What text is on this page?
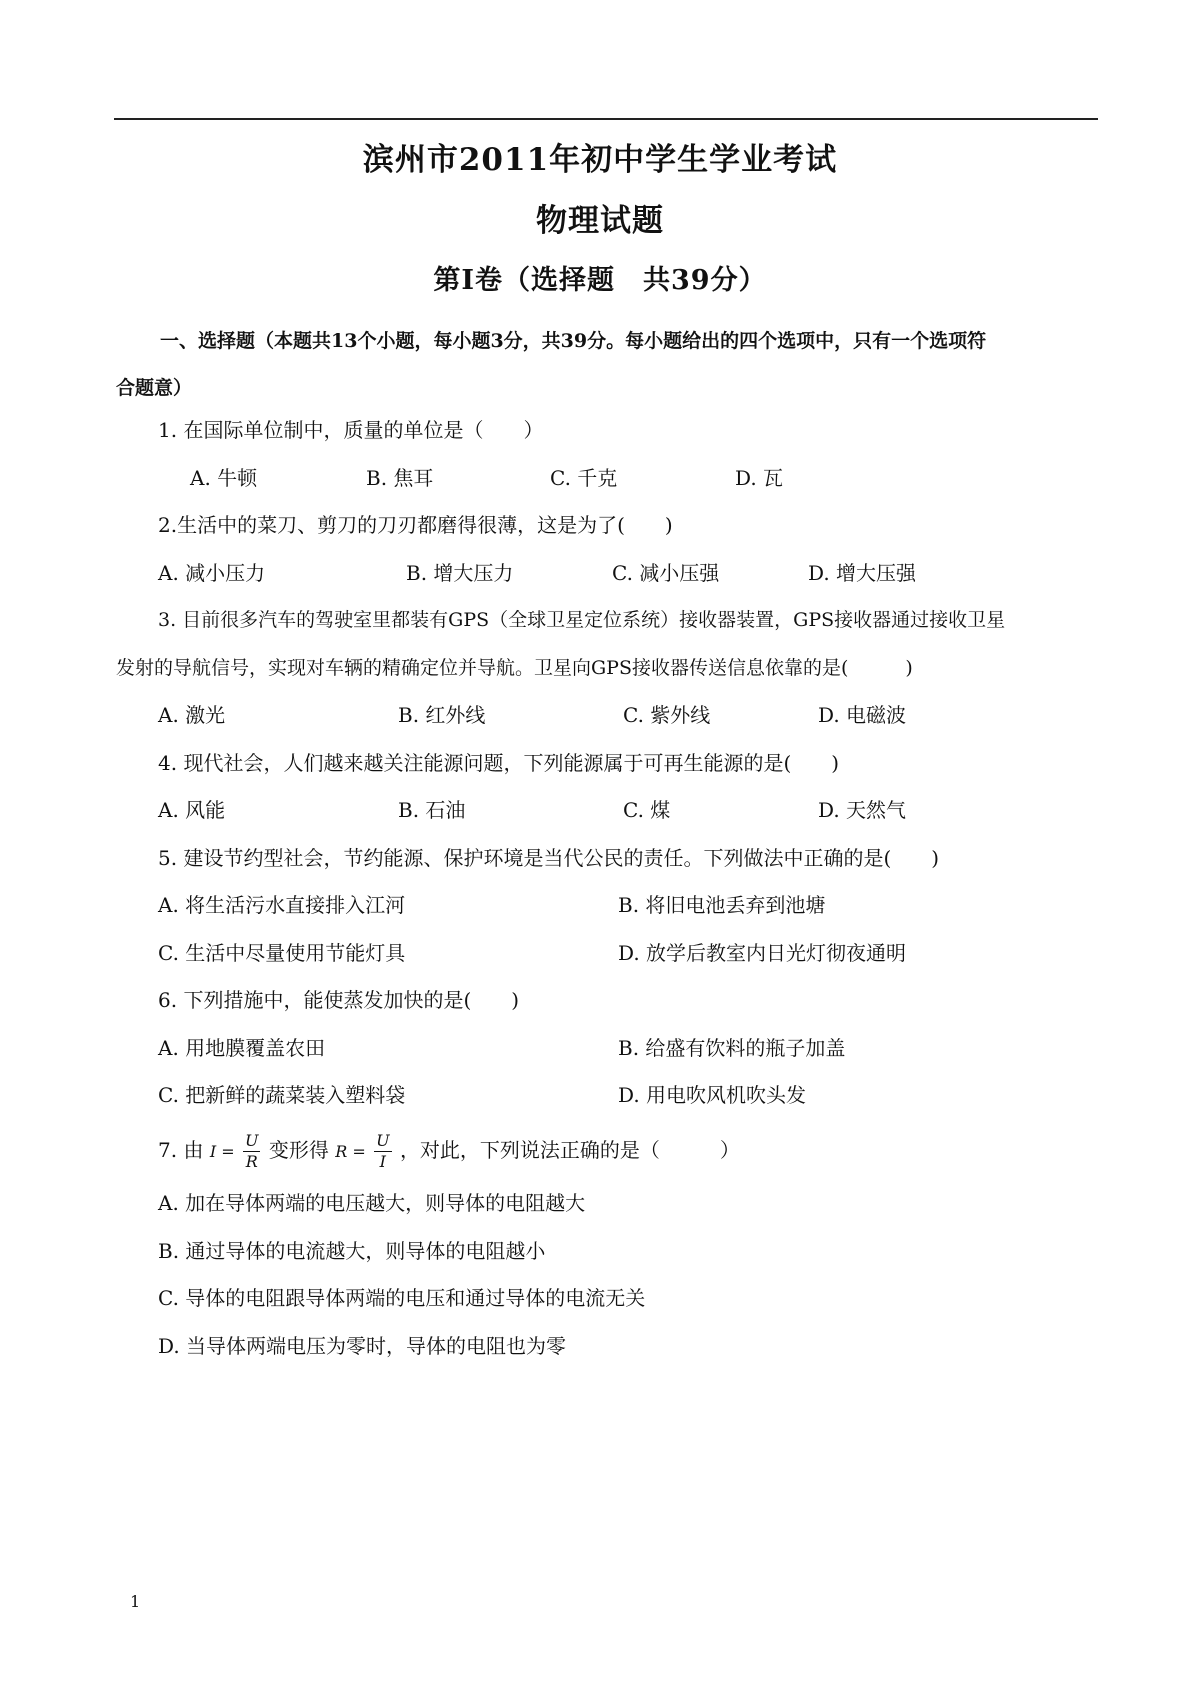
滨州市2011年初中学生学业考试
物理试题
第Ⅰ卷（选择题　共39分）
一、选择题（本题共13个小题，每小题3分，共39分。每小题给出的四个选项中，只有一个选项符
合题意）
1. 在国际单位制中，质量的单位是（　　）
A. 牛顿	B. 焦耳	C. 千克	D. 瓦
2.生活中的菜刀、剪刀的刀刃都磨得很薄，这是为了(　　)
A. 减小压力	B. 增大压力	C. 减小压强	D. 增大压强
3. 目前很多汽车的驾驶室里都装有GPS（全球卫星定位系统）接收器装置，GPS接收器通过接收卫星
发射的导航信号，实现对车辆的精确定位并导航。卫星向GPS接收器传送信息依靠的是(　　　)
A. 激光	B. 红外线	C. 紫外线	D. 电磁波
4. 现代社会，人们越来越关注能源问题，下列能源属于可再生能源的是(　　)
A. 风能	B. 石油	C. 煤	D. 天然气
5. 建设节约型社会，节约能源、保护环境是当代公民的责任。下列做法中正确的是(　　)
A. 将生活污水直接排入江河	B. 将旧电池丢弃到池塘
C. 生活中尽量使用节能灯具	D. 放学后教室内日光灯彻夜通明
6. 下列措施中，能使蒸发加快的是(　　)
A. 用地膜覆盖农田	B. 给盛有饮料的瓶子加盖
C. 把新鲜的蔬菜装入塑料袋	D. 用电吹风机吹头发
7. 由 $I = \frac{U}{R}$ 变形得 $R = \frac{U}{I}$ ，对此，下列说法正确的是（　　　）
A. 加在导体两端的电压越大，则导体的电阻越大
B. 通过导体的电流越大，则导体的电阻越小
C. 导体的电阻跟导体两端的电压和通过导体的电流无关
D. 当导体两端电压为零时，导体的电阻也为零
1
